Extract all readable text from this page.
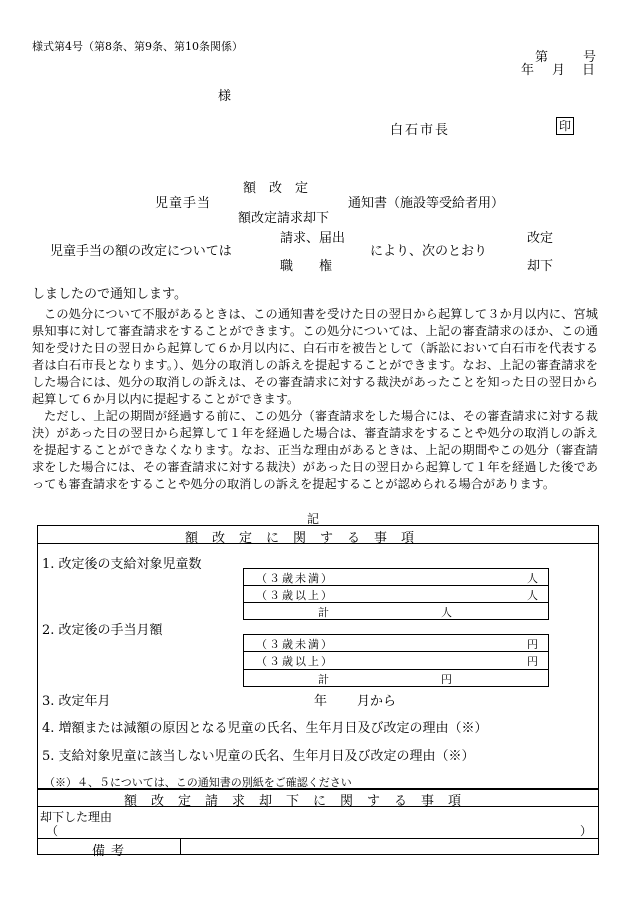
様式第4号（第8条、第9条、第10条関係）
第	号
年 月 日
様
白石市長	印
額　改　定
児童手当	通知書（施設等受給者用）
額改定請求却下
請求、届出	改定
児童手当の額の改定については	により、次のとおり
職　　権	却下
しましたので通知します。
この処分について不服があるときは、この通知書を受けた日の翌日から起算して３か月以内に、宮城県知事に対して審査請求をすることができます。この処分については、上記の審査請求のほか、この通知を受けた日の翌日から起算して６か月以内に、白石市を被告として（訴訟において白石市を代表する者は白石市長となります。）、処分の取消しの訴えを提起することができます。なお、上記の審査請求をした場合には、処分の取消しの訴えは、その審査請求に対する裁決があったことを知った日の翌日から起算して６か月以内に提起することができます。
ただし、上記の期間が経過する前に、この処分（審査請求をした場合には、その審査請求に対する裁決）があった日の翌日から起算して１年を経過した場合は、審査請求をすることや処分の取消しの訴えを提起することができなくなります。なお、正当な理由があるときは、上記の期間やこの処分（審査請求をした場合には、その審査請求に対する裁決）があった日の翌日から起算して１年を経過した後であっても審査請求をすることや処分の取消しの訴えを提起することが認められる場合があります。
記
額改定に関する事項
1. 改定後の支給対象児童数
（３歳未満）	人
（３歳以上）	人
計	人
2. 改定後の手当月額
（３歳未満）	円
（３歳以上）	円
計	円
3. 改定年月	年 月から
4. 増額または減額の原因となる児童の氏名、生年月日及び改定の理由（※）
5. 支給対象児童に該当しない児童の氏名、生年月日及び改定の理由（※）
（※）４、５については、この通知書の別紙をご確認ください
額改定請求却下に関する事項
却下した理由
（	）
備考
